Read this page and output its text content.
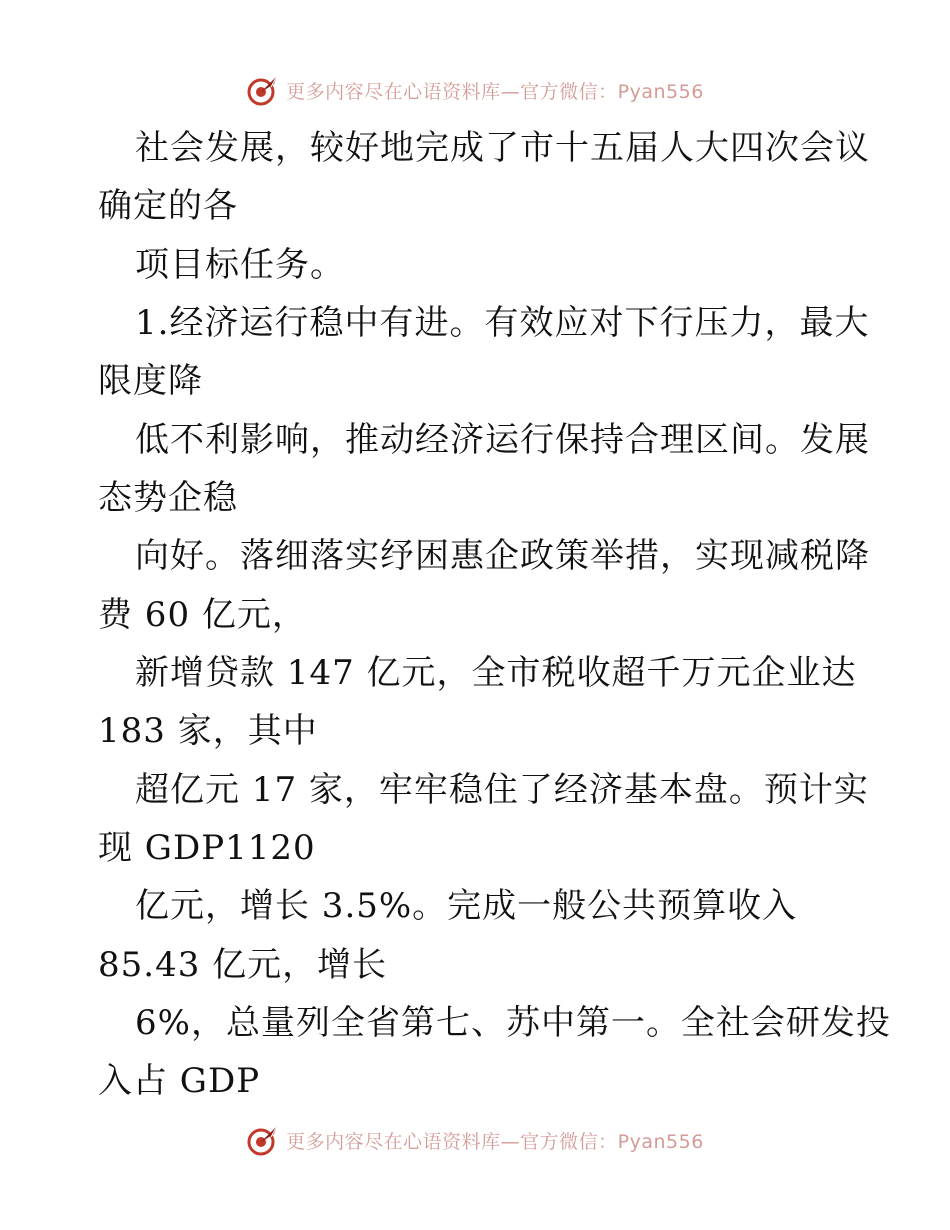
更多内容尽在心语资料库—官方微信：Pyan556
社会发展，较好地完成了市十五届人大四次会议
确定的各
项目标任务。
1.经济运行稳中有进。有效应对下行压力，最大
限度降
低不利影响，推动经济运行保持合理区间。发展
态势企稳
向好。落细落实纾困惠企政策举措，实现减税降
费 60 亿元，
新增贷款 147 亿元，全市税收超千万元企业达
183 家，其中
超亿元 17 家，牢牢稳住了经济基本盘。预计实
现 GDP1120
亿元，增长 3.5%。完成一般公共预算收入
85.43 亿元，增长
6%，总量列全省第七、苏中第一。全社会研发投
入占 GDP
更多内容尽在心语资料库—官方微信：Pyan556
